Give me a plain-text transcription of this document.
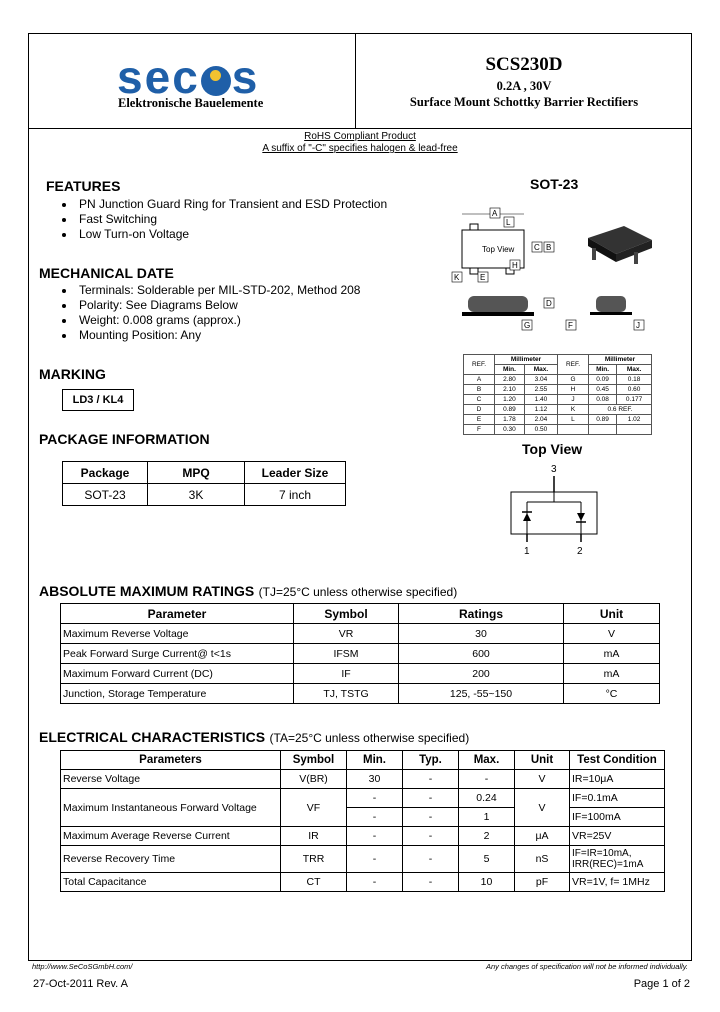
sec s
Elektronische Bauelemente
SCS230D
0.2A , 30V
Surface Mount Schottky Barrier Rectifiers
RoHS Compliant Product
A suffix of "-C" specifies halogen & lead-free
FEATURES
PN Junction Guard Ring for Transient and ESD Protection
Fast Switching
Low Turn-on Voltage
MECHANICAL DATE
Terminals: Solderable per MIL-STD-202, Method 208
Polarity: See Diagrams Below
Weight: 0.008 grams (approx.)
Mounting Position: Any
MARKING
LD3 / KL4
PACKAGE INFORMATION
Package	MPQ	Leader Size
SOT-23	3K	7 inch
SOT-23
Top View
A
L
B
C
K	E
H
D
G	F	J
REF.	Millimeter		REF.	Millimeter	
	Min.	Max.		Min.	Max.
A	2.80	3.04	G	0.09	0.18
B	2.10	2.55	H	0.45	0.60
C	1.20	1.40	J	0.08	0.177
D	0.89	1.12	K	0.6 REF.	
E	1.78	2.04	L	0.89	1.02
F	0.30	0.50			
Top View
3
1	2
ABSOLUTE MAXIMUM RATINGS (TJ=25°C unless otherwise specified)
Parameter	Symbol	Ratings	Unit
Maximum Reverse Voltage	VR	30	V
Peak Forward Surge Current@ t<1s	IFSM	600	mA
Maximum Forward Current (DC)	IF	200	mA
Junction, Storage Temperature	TJ, TSTG	125, -55~150	°C
ELECTRICAL CHARACTERISTICS (TA=25°C unless otherwise specified)
Parameters	Symbol	Min.	Typ.	Max.	Unit	Test Condition
Reverse Voltage	V(BR)	30	-	-	V	IR=10μA
Maximum Instantaneous Forward Voltage	VF	-	-	0.24	V	IF=0.1mA
		-	-	1		IF=100mA
Maximum Average Reverse Current	IR	-	-	2	μA	VR=25V
Reverse Recovery Time	TRR	-	-	5	nS	IF=IR=10mA,
IRR(REC)=1mA

Total Capacitance	CT	-	-	10	pF	VR=1V, f= 1MHz
http://www.SeCoSGmbH.com/	Any changes of specification will not be informed individually.
27-Oct-2011 Rev. A	Page 1 of 2
